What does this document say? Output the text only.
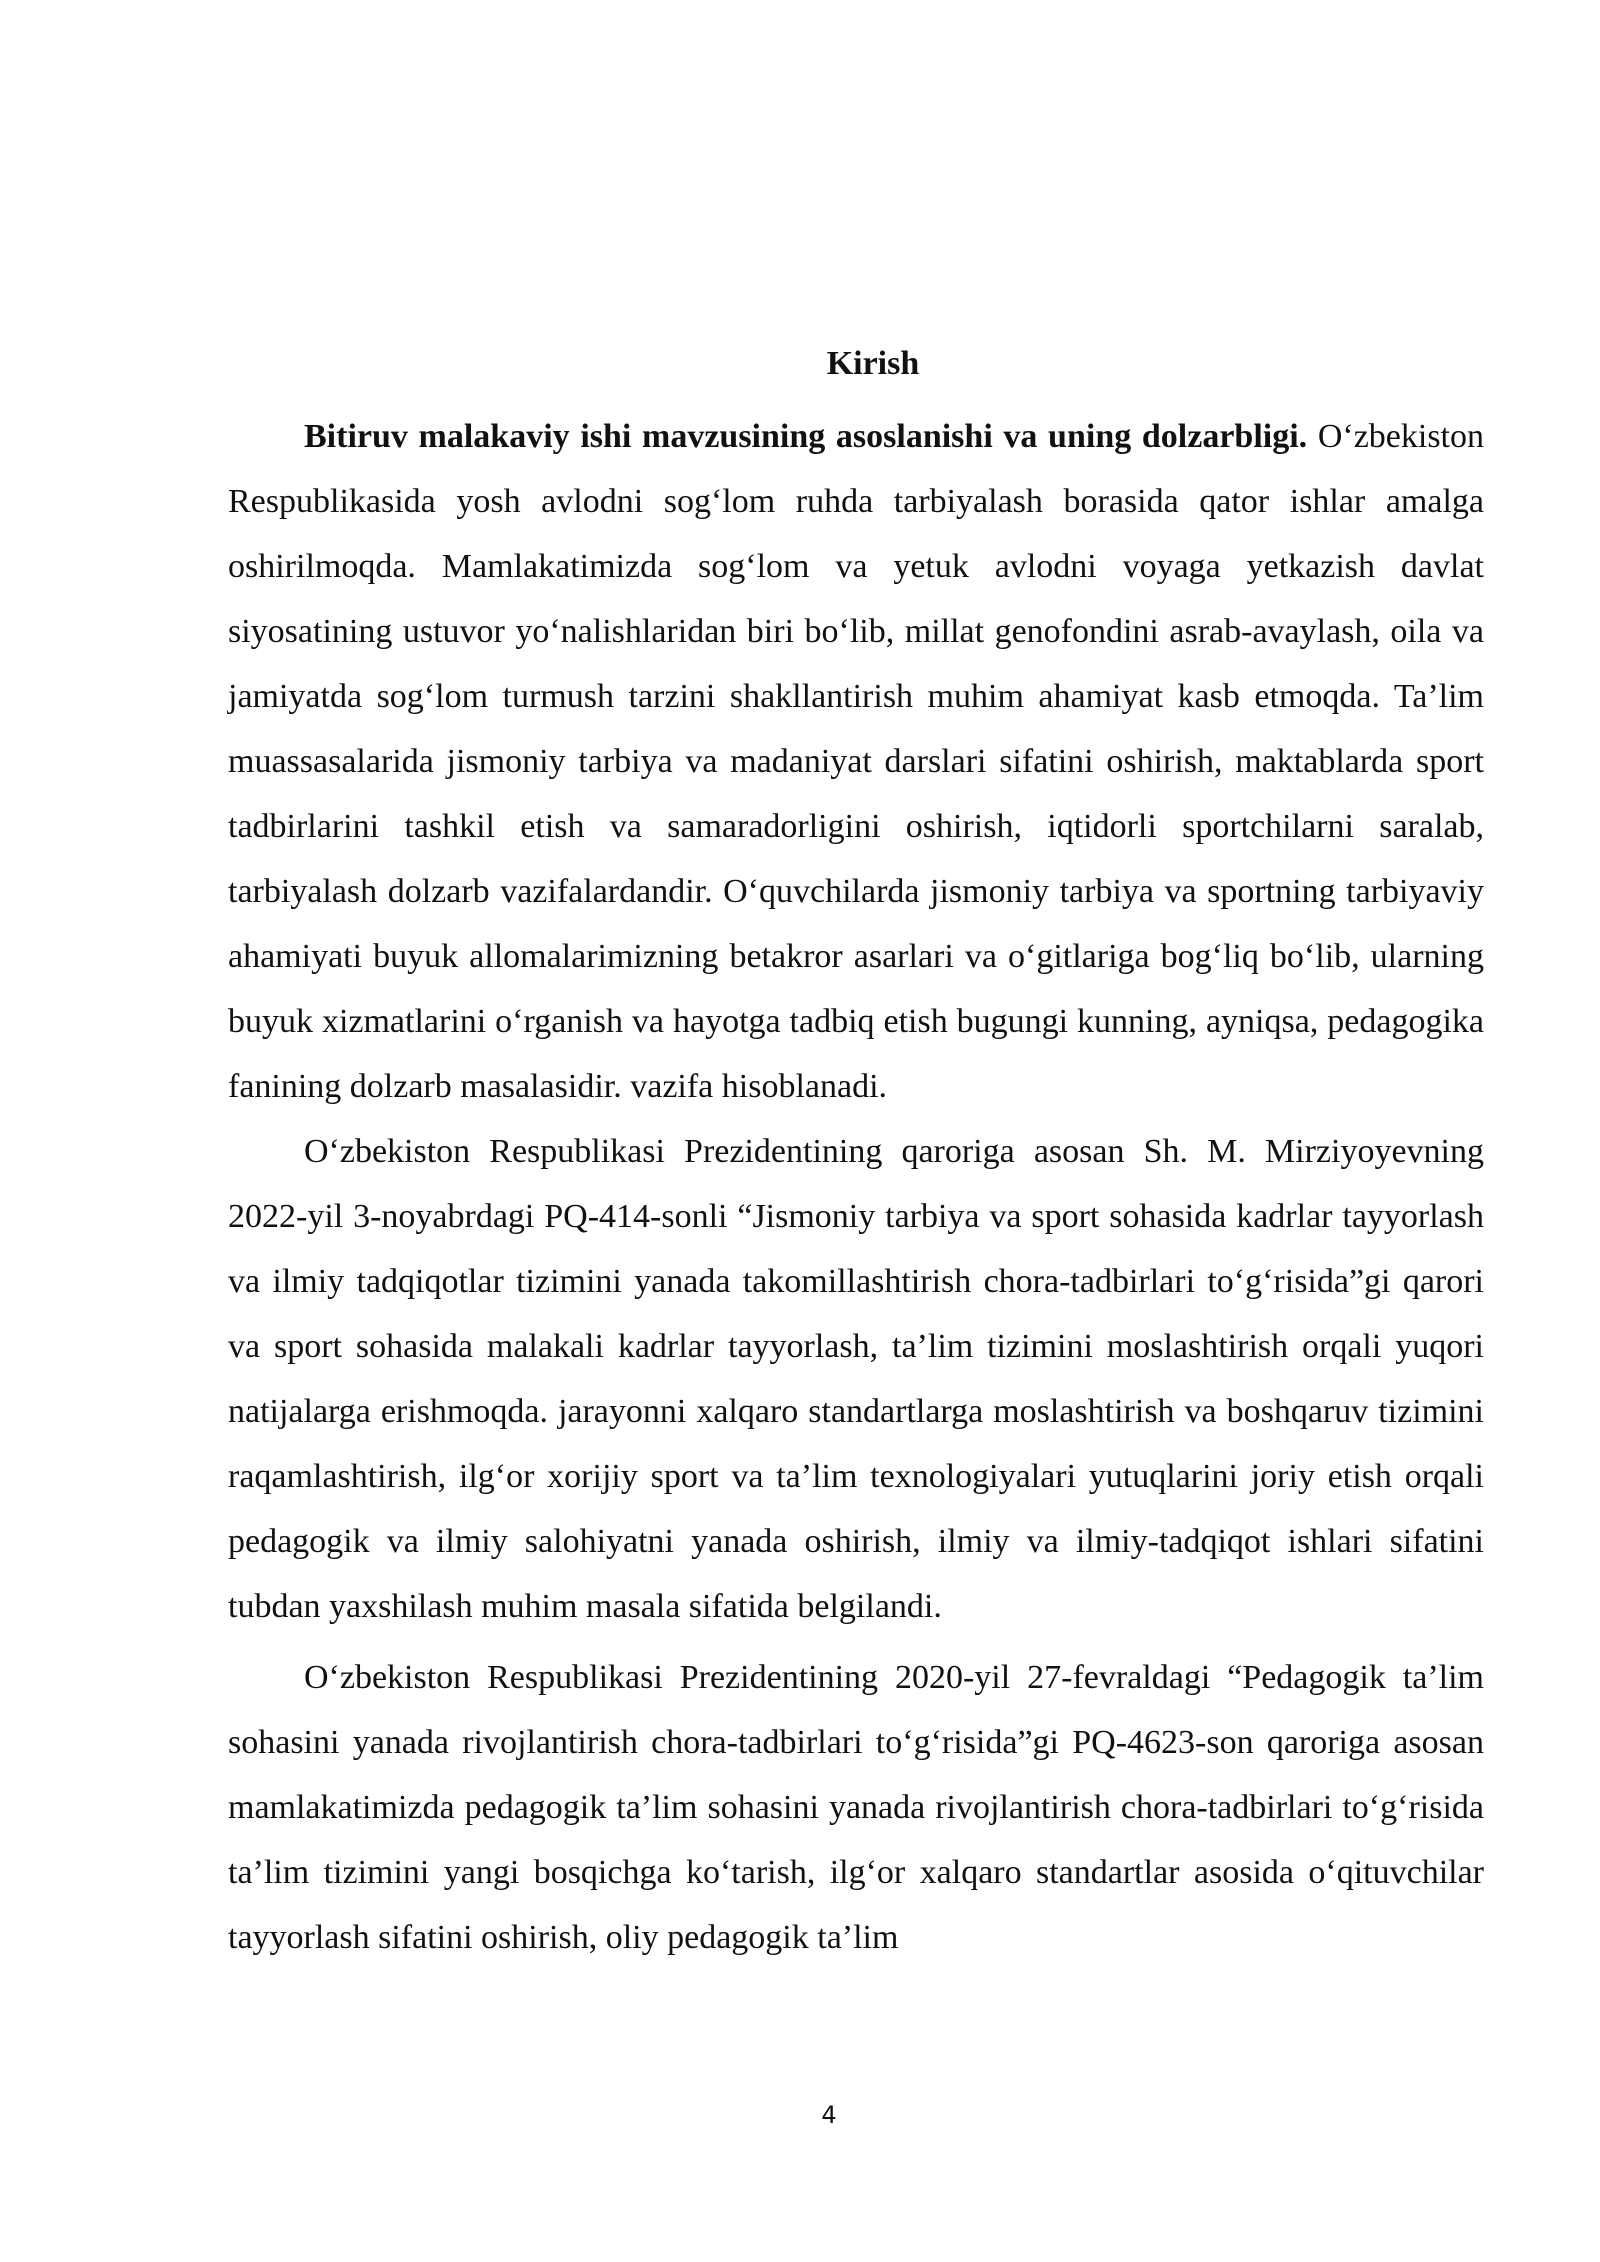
Kirish

Bitiruv malakaviy ishi mavzusining asoslanishi va uning dolzarbligi. O‘zbekiston Respublikasida yosh avlodni sog‘lom ruhda tarbiyalash borasida qator ishlar amalga oshirilmoqda. Mamlakatimizda sog‘lom va yetuk avlodni voyaga yetkazish davlat siyosatining ustuvor yo‘nalishlaridan biri bo‘lib, millat genofondini asrab-avaylash, oila va jamiyatda sog‘lom turmush tarzini shakllantirish muhim ahamiyat kasb etmoqda. Ta’lim muassasalarida jismoniy tarbiya va madaniyat darslari sifatini oshirish, maktablarda sport tadbirlarini tashkil etish va samaradorligini oshirish, iqtidorli sportchilarni saralab, tarbiyalash dolzarb vazifalardandir. O‘quvchilarda jismoniy tarbiya va sportning tarbiyaviy ahamiyati buyuk allomalarimizning betakror asarlari va o‘gitlariga bog‘liq bo‘lib, ularning buyuk xizmatlarini o‘rganish va hayotga tadbiq etish bugungi kunning, ayniqsa, pedagogika fanining dolzarb masalasidir. vazifa hisoblanadi.

O‘zbekiston Respublikasi Prezidentining qaroriga asosan Sh. M. Mirziyoyevning 2022-yil 3-noyabrdagi PQ-414-sonli “Jismoniy tarbiya va sport sohasida kadrlar tayyorlash va ilmiy tadqiqotlar tizimini yanada takomillashtirish chora-tadbirlari to‘g‘risida”gi qarori va sport sohasida malakali kadrlar tayyorlash, ta’lim tizimini moslashtirish orqali yuqori natijalarga erishmoqda. jarayonni xalqaro standartlarga moslashtirish va boshqaruv tizimini raqamlashtirish, ilg‘or xorijiy sport va ta’lim texnologiyalari yutuqlarini joriy etish orqali pedagogik va ilmiy salohiyatni yanada oshirish, ilmiy va ilmiy-tadqiqot ishlari sifatini tubdan yaxshilash muhim masala sifatida belgilandi.

O‘zbekiston Respublikasi Prezidentining 2020-yil 27-fevraldagi “Pedagogik ta’lim sohasini yanada rivojlantirish chora-tadbirlari to‘g‘risida”gi PQ-4623-son qaroriga asosan mamlakatimizda pedagogik ta’lim sohasini yanada rivojlantirish chora-tadbirlari to‘g‘risida ta’lim tizimini yangi bosqichga ko‘tarish, ilg‘or xalqaro standartlar asosida o‘qituvchilar tayyorlash sifatini oshirish, oliy pedagogik ta’lim

4
